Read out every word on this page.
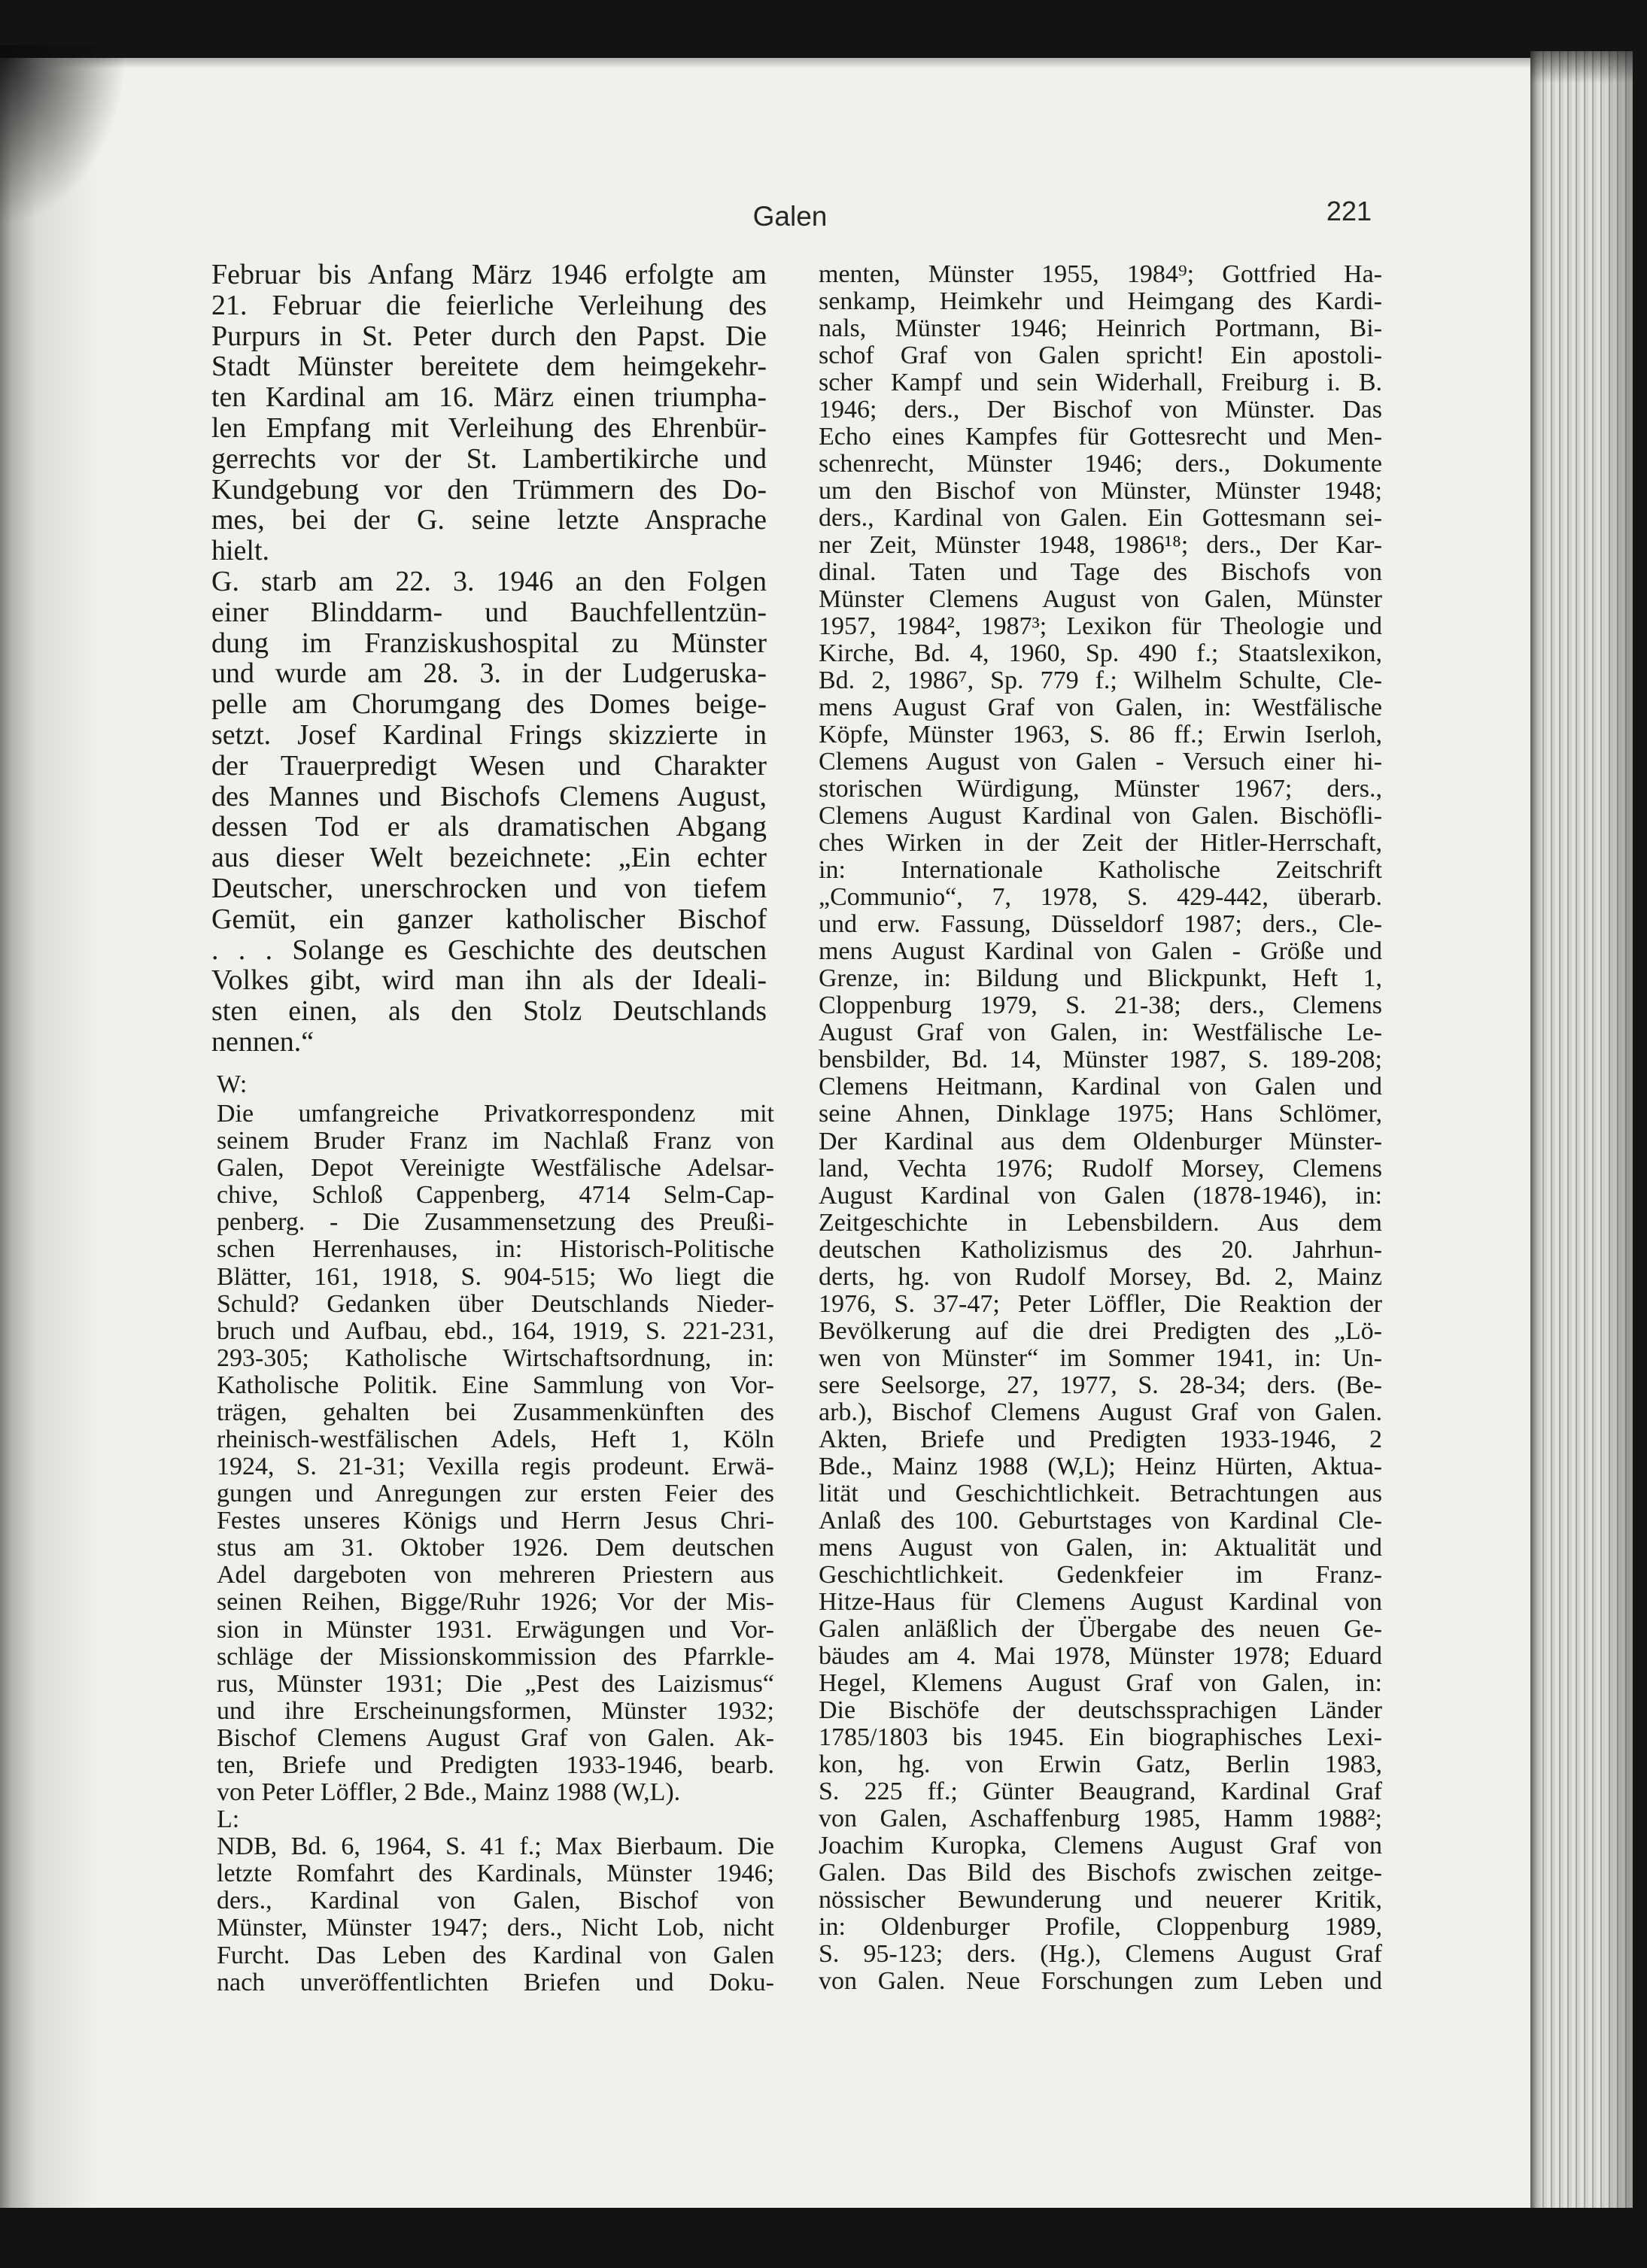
Galen	221
Februar bis Anfang März 1946 erfolgte am
21. Februar die feierliche Verleihung des
Purpurs in St. Peter durch den Papst. Die
Stadt Münster bereitete dem heimgekehr-
ten Kardinal am 16. März einen triumpha-
len Empfang mit Verleihung des Ehrenbür-
gerrechts vor der St. Lambertikirche und
Kundgebung vor den Trümmern des Do-
mes, bei der G. seine letzte Ansprache
hielt.
G. starb am 22. 3. 1946 an den Folgen
einer Blinddarm- und Bauchfellentzün-
dung im Franziskushospital zu Münster
und wurde am 28. 3. in der Ludgeruska-
pelle am Chorumgang des Domes beige-
setzt. Josef Kardinal Frings skizzierte in
der Trauerpredigt Wesen und Charakter
des Mannes und Bischofs Clemens August,
dessen Tod er als dramatischen Abgang
aus dieser Welt bezeichnete: „Ein echter
Deutscher, unerschrocken und von tiefem
Gemüt, ein ganzer katholischer Bischof
. . . Solange es Geschichte des deutschen
Volkes gibt, wird man ihn als der Ideali-
sten einen, als den Stolz Deutschlands
nennen.“
W:
Die umfangreiche Privatkorrespondenz mit
seinem Bruder Franz im Nachlaß Franz von
Galen, Depot Vereinigte Westfälische Adelsar-
chive, Schloß Cappenberg, 4714 Selm-Cap-
penberg. - Die Zusammensetzung des Preußi-
schen Herrenhauses, in: Historisch-Politische
Blätter, 161, 1918, S. 904-515; Wo liegt die
Schuld? Gedanken über Deutschlands Nieder-
bruch und Aufbau, ebd., 164, 1919, S. 221-231,
293-305; Katholische Wirtschaftsordnung, in:
Katholische Politik. Eine Sammlung von Vor-
trägen, gehalten bei Zusammenkünften des
rheinisch-westfälischen Adels, Heft 1, Köln
1924, S. 21-31; Vexilla regis prodeunt. Erwä-
gungen und Anregungen zur ersten Feier des
Festes unseres Königs und Herrn Jesus Chri-
stus am 31. Oktober 1926. Dem deutschen
Adel dargeboten von mehreren Priestern aus
seinen Reihen, Bigge/Ruhr 1926; Vor der Mis-
sion in Münster 1931. Erwägungen und Vor-
schläge der Missionskommission des Pfarrkle-
rus, Münster 1931; Die „Pest des Laizismus“
und ihre Erscheinungsformen, Münster 1932;
Bischof Clemens August Graf von Galen. Ak-
ten, Briefe und Predigten 1933-1946, bearb.
von Peter Löffler, 2 Bde., Mainz 1988 (W,L).
L:
NDB, Bd. 6, 1964, S. 41 f.; Max Bierbaum. Die
letzte Romfahrt des Kardinals, Münster 1946;
ders., Kardinal von Galen, Bischof von
Münster, Münster 1947; ders., Nicht Lob, nicht
Furcht. Das Leben des Kardinal von Galen
nach unveröffentlichten Briefen und Doku-
menten, Münster 1955, 1984⁹; Gottfried Ha-
senkamp, Heimkehr und Heimgang des Kardi-
nals, Münster 1946; Heinrich Portmann, Bi-
schof Graf von Galen spricht! Ein apostoli-
scher Kampf und sein Widerhall, Freiburg i. B.
1946; ders., Der Bischof von Münster. Das
Echo eines Kampfes für Gottesrecht und Men-
schenrecht, Münster 1946; ders., Dokumente
um den Bischof von Münster, Münster 1948;
ders., Kardinal von Galen. Ein Gottesmann sei-
ner Zeit, Münster 1948, 1986¹⁸; ders., Der Kar-
dinal. Taten und Tage des Bischofs von
Münster Clemens August von Galen, Münster
1957, 1984², 1987³; Lexikon für Theologie und
Kirche, Bd. 4, 1960, Sp. 490 f.; Staatslexikon,
Bd. 2, 1986⁷, Sp. 779 f.; Wilhelm Schulte, Cle-
mens August Graf von Galen, in: Westfälische
Köpfe, Münster 1963, S. 86 ff.; Erwin Iserloh,
Clemens August von Galen - Versuch einer hi-
storischen Würdigung, Münster 1967; ders.,
Clemens August Kardinal von Galen. Bischöfli-
ches Wirken in der Zeit der Hitler-Herrschaft,
in: Internationale Katholische Zeitschrift
„Communio“, 7, 1978, S. 429-442, überarb.
und erw. Fassung, Düsseldorf 1987; ders., Cle-
mens August Kardinal von Galen - Größe und
Grenze, in: Bildung und Blickpunkt, Heft 1,
Cloppenburg 1979, S. 21-38; ders., Clemens
August Graf von Galen, in: Westfälische Le-
bensbilder, Bd. 14, Münster 1987, S. 189-208;
Clemens Heitmann, Kardinal von Galen und
seine Ahnen, Dinklage 1975; Hans Schlömer,
Der Kardinal aus dem Oldenburger Münster-
land, Vechta 1976; Rudolf Morsey, Clemens
August Kardinal von Galen (1878-1946), in:
Zeitgeschichte in Lebensbildern. Aus dem
deutschen Katholizismus des 20. Jahrhun-
derts, hg. von Rudolf Morsey, Bd. 2, Mainz
1976, S. 37-47; Peter Löffler, Die Reaktion der
Bevölkerung auf die drei Predigten des „Lö-
wen von Münster“ im Sommer 1941, in: Un-
sere Seelsorge, 27, 1977, S. 28-34; ders. (Be-
arb.), Bischof Clemens August Graf von Galen.
Akten, Briefe und Predigten 1933-1946, 2
Bde., Mainz 1988 (W,L); Heinz Hürten, Aktua-
lität und Geschichtlichkeit. Betrachtungen aus
Anlaß des 100. Geburtstages von Kardinal Cle-
mens August von Galen, in: Aktualität und
Geschichtlichkeit. Gedenkfeier im Franz-
Hitze-Haus für Clemens August Kardinal von
Galen anläßlich der Übergabe des neuen Ge-
bäudes am 4. Mai 1978, Münster 1978; Eduard
Hegel, Klemens August Graf von Galen, in:
Die Bischöfe der deutschssprachigen Länder
1785/1803 bis 1945. Ein biographisches Lexi-
kon, hg. von Erwin Gatz, Berlin 1983,
S. 225 ff.; Günter Beaugrand, Kardinal Graf
von Galen, Aschaffenburg 1985, Hamm 1988²;
Joachim Kuropka, Clemens August Graf von
Galen. Das Bild des Bischofs zwischen zeitge-
nössischer Bewunderung und neuerer Kritik,
in: Oldenburger Profile, Cloppenburg 1989,
S. 95-123; ders. (Hg.), Clemens August Graf
von Galen. Neue Forschungen zum Leben und
